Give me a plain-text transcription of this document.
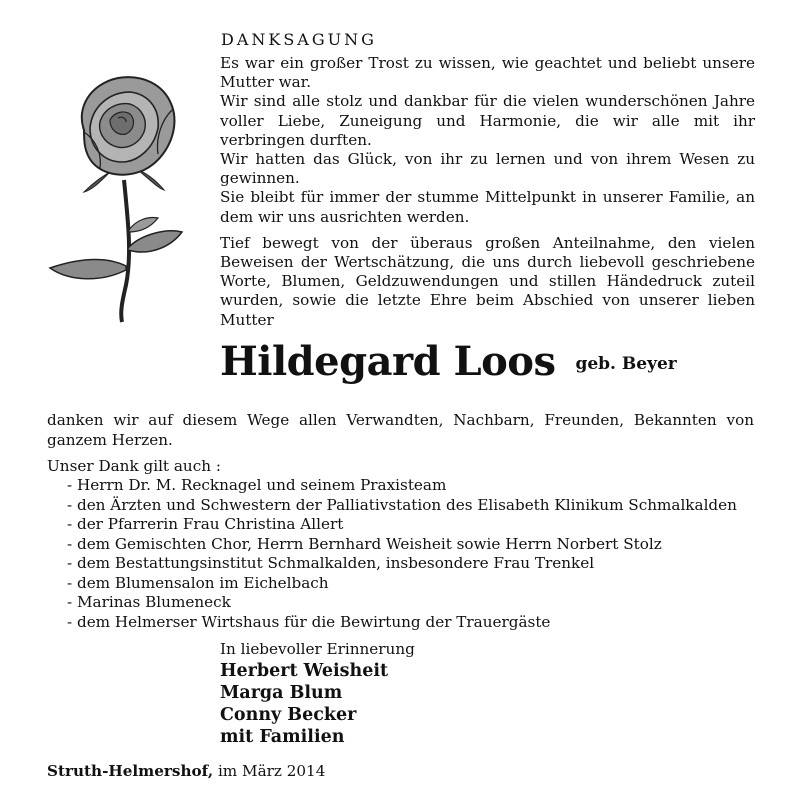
DANKSAGUNG

Es war ein großer Trost zu wissen, wie geachtet und beliebt unsere Mutter war.

Wir sind alle stolz und dankbar für die vielen wunderschönen Jahre voller Liebe, Zuneigung und Harmonie, die wir alle mit ihr verbringen durften.

Wir hatten das Glück, von ihr zu lernen und von ihrem Wesen zu gewinnen.

Sie bleibt für immer der stumme Mittelpunkt in unserer Familie, an dem wir uns ausrichten werden.

Tief bewegt von der überaus großen Anteilnahme, den vielen Beweisen der Wertschätzung, die uns durch liebevoll geschriebene Worte, Blumen, Geldzuwendungen und stillen Händedruck zuteil wurden, sowie die letzte Ehre beim Abschied von unserer lieben Mutter

Hildegard Loos geb. Beyer

danken wir auf diesem Wege allen Verwandten, Nachbarn, Freunden, Bekannten von ganzem Herzen.

Unser Dank gilt auch :
- Herrn Dr. M. Recknagel und seinem Praxisteam
- den Ärzten und Schwestern der Palliativstation des Elisabeth Klinikum Schmalkalden
- der Pfarrerin Frau Christina Allert
- dem Gemischten Chor, Herrn Bernhard Weisheit sowie Herrn Norbert Stolz
- dem Bestattungsinstitut Schmalkalden, insbesondere Frau Trenkel
- dem Blumensalon im Eichelbach
- Marinas Blumeneck
- dem Helmerser Wirtshaus für die Bewirtung der Trauergäste
In liebevoller Erinnerung
Herbert Weisheit
Marga Blum
Conny Becker
mit Familien
Struth-Helmershof, im März 2014
